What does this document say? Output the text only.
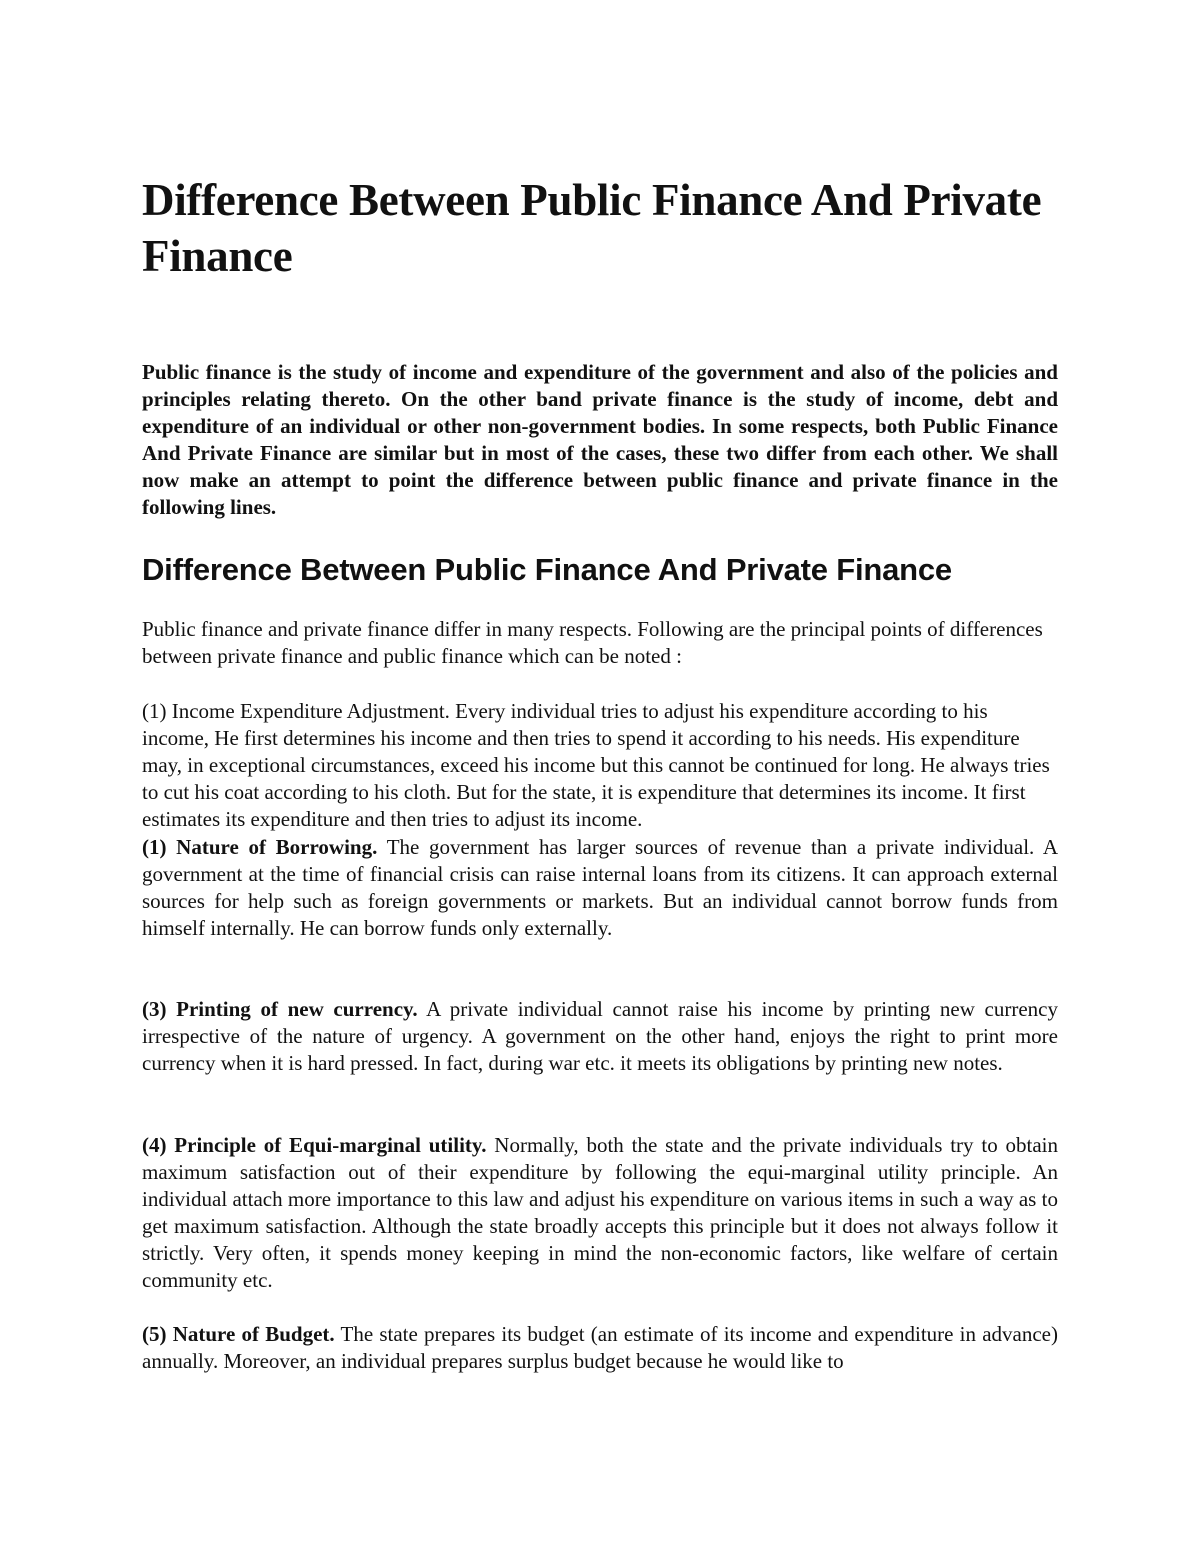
Difference Between Public Finance And Private Finance

Public finance is the study of income and expenditure of the government and also of the policies and principles relating thereto. On the other band private finance is the study of income, debt and expenditure of an individual or other non-government bodies. In some respects, both Public Finance And Private Finance are similar but in most of the cases, these two differ from each other. We shall now make an attempt to point the difference between public finance and private finance in the following lines.

Difference Between Public Finance And Private Finance

Public finance and private finance differ in many respects. Following are the principal points of differences between private finance and public finance which can be noted :

(1) Income Expenditure Adjustment. Every individual tries to adjust his expenditure according to his income, He first determines his income and then tries to spend it according to his needs. His expenditure may, in exceptional circumstances, exceed his income but this cannot be continued for long. He always tries to cut his coat according to his cloth. But for the state, it is expenditure that determines its income. It first estimates its expenditure and then tries to adjust its income.

(1) Nature of Borrowing. The government has larger sources of revenue than a private individual. A government at the time of financial crisis can raise internal loans from its citizens. It can approach external sources for help such as foreign governments or markets. But an individual cannot borrow funds from himself internally. He can borrow funds only externally.

(3) Printing of new currency. A private individual cannot raise his income by printing new currency irrespective of the nature of urgency. A government on the other hand, enjoys the right to print more currency when it is hard pressed. In fact, during war etc. it meets its obligations by printing new notes.

(4) Principle of Equi-marginal utility. Normally, both the state and the private individuals try to obtain maximum satisfaction out of their expenditure by following the equi-marginal utility principle. An individual attach more importance to this law and adjust his expenditure on various items in such a way as to get maximum satisfaction. Although the state broadly accepts this principle but it does not always follow it strictly. Very often, it spends money keeping in mind the non-economic factors, like welfare of certain community etc.

(5) Nature of Budget. The state prepares its budget (an estimate of its income and expenditure in advance) annually. Moreover, an individual prepares surplus budget because he would like to
